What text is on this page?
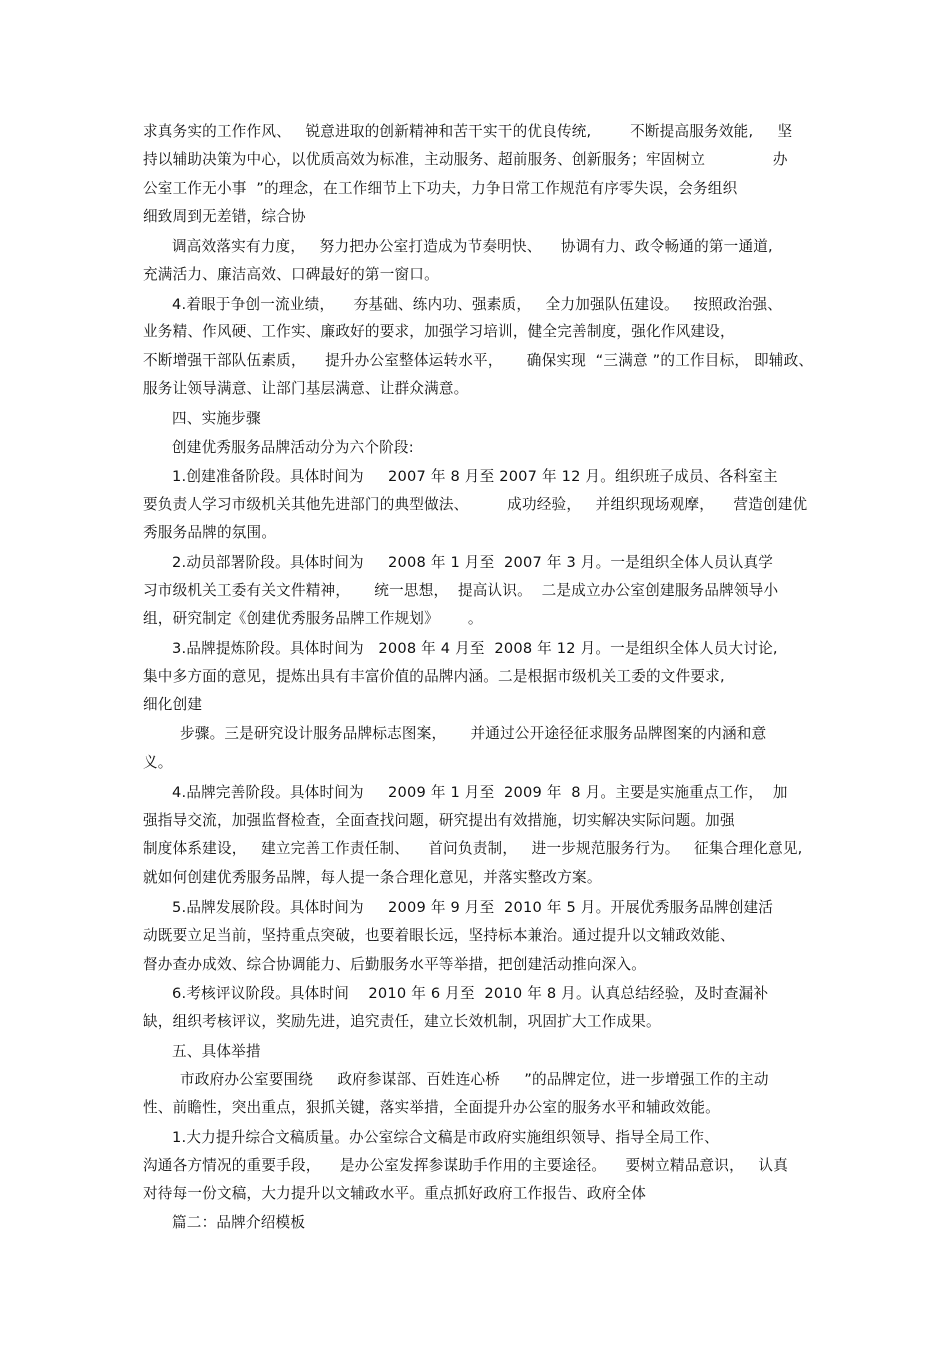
求真务实的工作作风、   锐意进取的创新精神和苦干实干的优良传统,        不断提高服务效能,     坚
持以辅助决策为中心，以优质高效为标准，主动服务、超前服务、创新服务；牢固树立              办
公室工作无小事  ”的理念，在工作细节上下功夫，力争日常工作规范有序零失误，会务组织
细致周到无差错，综合协
调高效落实有力度，   努力把办公室打造成为节奏明快、    协调有力、政令畅通的第一通道,
充满活力、廉洁高效、口碑最好的第一窗口。
4.着眼于争创一流业绩，    夯基础、练内功、强素质，   全力加强队伍建设。   按照政治强、
业务精、作风硬、工作实、廉政好的要求，加强学习培训，健全完善制度，强化作风建设，
不断增强干部队伍素质，    提升办公室整体运转水平，     确保实现  “三满意 ”的工作目标， 即辅政、
服务让领导满意、让部门基层满意、让群众满意。
四、实施步骤
创建优秀服务品牌活动分为六个阶段:
1.创建准备阶段。具体时间为     2007 年 8 月至 2007 年 12 月。组织班子成员、各科室主
要负责人学习市级机关其他先进部门的典型做法、        成功经验，   并组织现场观摩，    营造创建优
秀服务品牌的氛围。
2.动员部署阶段。具体时间为     2008 年 1 月至  2007 年 3 月。一是组织全体人员认真学
习市级机关工委有关文件精神，     统一思想，  提高认识。  二是成立办公室创建服务品牌领导小
组，研究制定《创建优秀服务品牌工作规划》      。
3.品牌提炼阶段。具体时间为   2008 年 4 月至  2008 年 12 月。一是组织全体人员大讨论,
集中多方面的意见，提炼出具有丰富价值的品牌内涵。二是根据市级机关工委的文件要求,
细化创建
步骤。三是研究设计服务品牌标志图案，     并通过公开途径征求服务品牌图案的内涵和意
义。
4.品牌完善阶段。具体时间为     2009 年 1 月至  2009 年  8 月。主要是实施重点工作，  加
强指导交流，加强监督检查，全面查找问题，研究提出有效措施，切实解决实际问题。加强
制度体系建设，   建立完善工作责任制、    首问负责制，   进一步规范服务行为。   征集合理化意见,
就如何创建优秀服务品牌，每人提一条合理化意见，并落实整改方案。
5.品牌发展阶段。具体时间为     2009 年 9 月至  2010 年 5 月。开展优秀服务品牌创建活
动既要立足当前，坚持重点突破，也要着眼长远，坚持标本兼治。通过提升以文辅政效能、
督办查办成效、综合协调能力、后勤服务水平等举措，把创建活动推向深入。
6.考核评议阶段。具体时间    2010 年 6 月至  2010 年 8 月。认真总结经验，及时查漏补
缺，组织考核评议，奖励先进，追究责任，建立长效机制，巩固扩大工作成果。
五、具体举措
市政府办公室要围绕     政府参谋部、百姓连心桥     ”的品牌定位，进一步增强工作的主动
性、前瞻性，突出重点，狠抓关键，落实举措，全面提升办公室的服务水平和辅政效能。
1.大力提升综合文稿质量。办公室综合文稿是市政府实施组织领导、指导全局工作、
沟通各方情况的重要手段，    是办公室发挥参谋助手作用的主要途径。    要树立精品意识，   认真
对待每一份文稿，大力提升以文辅政水平。重点抓好政府工作报告、政府全体
篇二：品牌介绍模板
